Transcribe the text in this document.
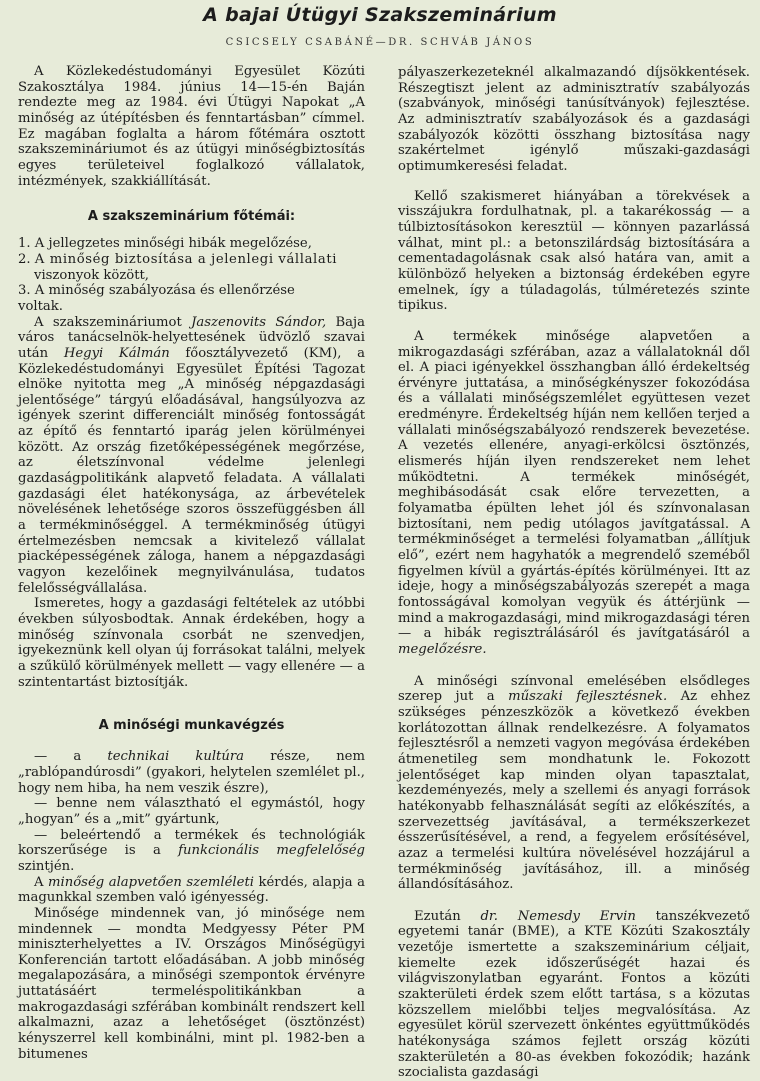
A bajai Útügyi Szakszeminárium
CSICSELY CSABÁNÉ—DR. SCHVÁB JÁNOS

A Közlekedéstudományi Egyesület Közúti Szakosztálya 1984. június 14—15-én Baján rendezte meg az 1984. évi Útügyi Napokat „A minőség az útépítésben és fenntartásban” címmel. Ez magában foglalta a három főtémára osztott szakszemináriumot és az útügyi minőségbiztosítás egyes területeivel foglalkozó vállalatok, intézmények, szakkiállítását.

A szakszeminárium főtémái:
1. A jellegzetes minőségi hibák megelőzése,
2. A minőség biztosítása a jelenlegi vállalati
viszonyok között,
3. A minőség szabályozása és ellenőrzése
voltak.

A szakszemináriumot Jaszenovits Sándor, Baja város tanácselnök-helyettesének üdvözlő szavai után Hegyi Kálmán főosztályvezető (KM), a Közlekedéstudományi Egyesület Építési Tagozat elnöke nyitotta meg „A minőség népgazdasági jelentősége” tárgyú előadásával, hangsúlyozva az igények szerint differenciált minőség fontosságát az építő és fenntartó iparág jelen körülményei között. Az ország fizetőképességének megőrzése, az életszínvonal védelme jelenlegi gazdaságpolitikánk alapvető feladata. A vállalati gazdasági élet hatékonysága, az árbevételek növelésének lehetősége szoros összefüggésben áll a termékminőséggel. A termékminőség útügyi értelmezésben nemcsak a kivitelező vállalat piacképességének záloga, hanem a népgazdasági vagyon kezelőinek megnyilvánulása, tudatos felelősségvállalása.

Ismeretes, hogy a gazdasági feltételek az utóbbi években súlyosbodtak. Annak érdekében, hogy a minőség színvonala csorbát ne szenvedjen, igyekeznünk kell olyan új forrásokat találni, melyek a szűkülő körülmények mellett — vagy ellenére — a szintentartást biztosítják.

A minőségi munkavégzés

— a technikai kultúra része, nem „rablópandúrosdi” (gyakori, helytelen szemlélet pl., hogy nem hiba, ha nem veszik észre),

— benne nem választható el egymástól, hogy „hogyan” és a „mit” gyártunk,

— beleértendő a termékek és technológiák korszerűsége is a funkcionális megfelelőség szintjén.

A minőség alapvetően szemléleti kérdés, alapja a magunkkal szemben való igényesség.

Minősége mindennek van, jó minősége nem mindennek — mondta Medgyessy Péter PM miniszterhelyettes a IV. Országos Minőségügyi Konferencián tartott előadásában. A jobb minőség megalapozására, a minőségi szempontok érvényre juttatásáért termeléspolitikánkban a makrogazdasági szférában kombinált rendszert kell alkalmazni, azaz a lehetőséget (ösztönzést) kényszerrel kell kombinálni, mint pl. 1982-ben a bitumenes

pályaszerkezeteknél alkalmazandó díjsökkentések. Részegtiszt jelent az adminisztratív szabályozás (szabványok, minőségi tanúsítványok) fejlesztése. Az adminisztratív szabályozások és a gazdasági szabályozók közötti összhang biztosítása nagy szakértelmet igénylő műszaki-gazdasági optimumkeresési feladat.

Kellő szakismeret hiányában a törekvések a visszájukra fordulhatnak, pl. a takarékosság — a túlbiztosításokon keresztül — könnyen pazarlássá válhat, mint pl.: a betonszilárdság biztosítására a cementadagolásnak csak alsó határa van, amit a különböző helyeken a biztonság érdekében egyre emelnek, így a túladagolás, túlméretezés szinte tipikus.

A termékek minősége alapvetően a mikrogazdasági szférában, azaz a vállalatoknál dől el. A piaci igényekkel összhangban álló érdekeltség érvényre juttatása, a minőségkényszer fokozódása és a vállalati minőségszemlélet együttesen vezet eredményre. Érdekeltség híján nem kellően terjed a vállalati minőségszabályozó rendszerek bevezetése. A vezetés ellenére, anyagi-erkölcsi ösztönzés, elismerés híján ilyen rendszereket nem lehet működtetni. A termékek minőségét, meghibásodását csak előre tervezetten, a folyamatba épülten lehet jól és színvonalasan biztosítani, nem pedig utólagos javítgatással. A termékminőséget a termelési folyamatban „állítjuk elő”, ezért nem hagyhatók a megrendelő szeméből figyelmen kívül a gyártás-építés körülményei. Itt az ideje, hogy a minőségszabályozás szerepét a maga fontosságával komolyan vegyük és áttérjünk — mind a makrogazdasági, mind mikrogazdasági téren — a hibák regisztrálásáról és javítgatásáról a megelőzésre.

A minőségi színvonal emelésében elsődleges szerep jut a műszaki fejlesztésnek. Az ehhez szükséges pénzeszközök a következő években korlátozottan állnak rendelkezésre. A folyamatos fejlesztésről a nemzeti vagyon megóvása érdekében átmenetileg sem mondhatunk le. Fokozott jelentőséget kap minden olyan tapasztalat, kezdeményezés, mely a szellemi és anyagi források hatékonyabb felhasználását segíti az előkészítés, a szervezettség javításával, a termékszerkezet ésszerűsítésével, a rend, a fegyelem erősítésével, azaz a termelési kultúra növelésével hozzájárul a termékminőség javításához, ill. a minőség állandósításához.

Ezután dr. Nemesdy Ervin tanszékvezető egyetemi tanár (BME), a KTE Közúti Szakosztály vezetője ismertette a szakszeminárium céljait, kiemelte ezek időszerűségét hazai és világviszonylatban egyaránt. Fontos a közúti szakterületi érdek szem előtt tartása, s a közutas közszellem mielőbbi teljes megvalósítása. Az egyesület körül szervezett önkéntes együttműködés hatékonysága számos fejlett ország közúti szakterületén a 80-as években fokozódik; hazánk szocialista gazdasági
